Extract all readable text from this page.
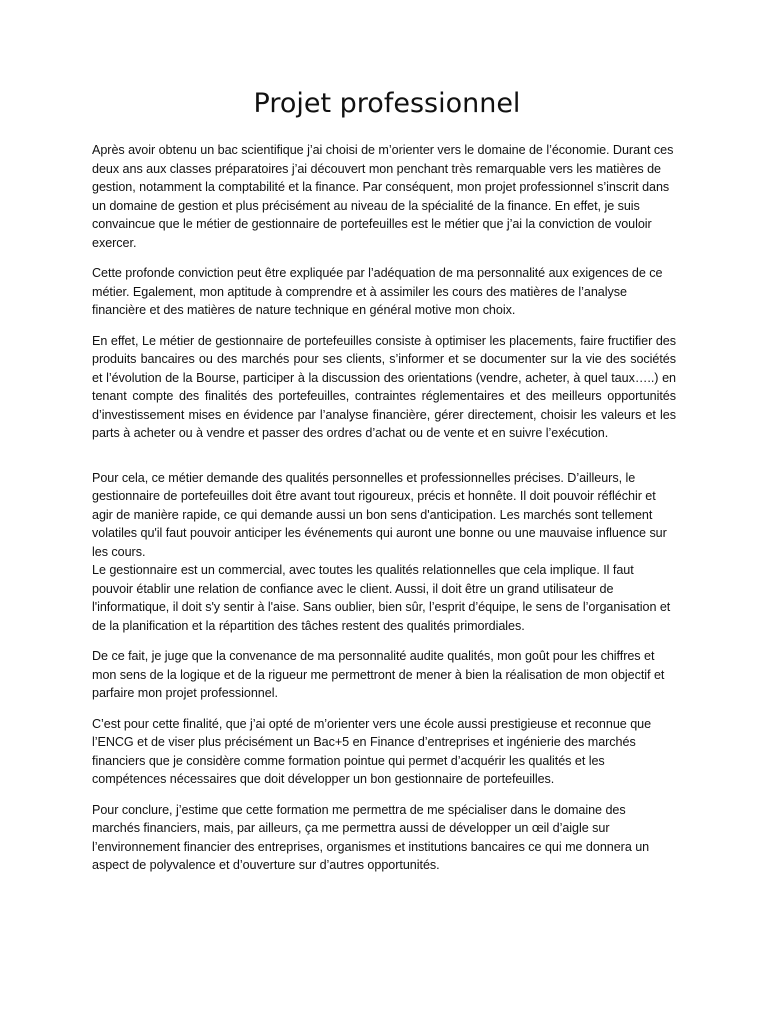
Projet professionnel

Après avoir obtenu un bac scientifique j’ai choisi de m’orienter vers le domaine de l’économie. Durant ces deux ans aux classes préparatoires j’ai découvert mon penchant très remarquable vers les matières de gestion, notamment la comptabilité et la finance. Par conséquent, mon projet professionnel s’inscrit dans un domaine de gestion et plus précisément au niveau de la spécialité de la finance. En effet, je suis convaincue que le métier de gestionnaire de portefeuilles est le métier que j’ai la conviction de vouloir exercer.

Cette profonde conviction peut être expliquée par l’adéquation de ma personnalité aux exigences de ce métier. Egalement, mon aptitude à comprendre et à assimiler les cours des matières de l’analyse financière et des matières de nature technique en général motive mon choix.

En effet, Le métier de gestionnaire de portefeuilles consiste à optimiser les placements, faire fructifier des produits bancaires ou des marchés pour ses clients, s’informer et se documenter sur la vie des sociétés et l’évolution de la Bourse, participer à la discussion des orientations (vendre, acheter, à quel taux…..) en tenant compte des finalités des portefeuilles, contraintes réglementaires et des meilleurs opportunités d’investissement mises en évidence par l’analyse financière, gérer directement, choisir les valeurs et les parts à acheter ou à vendre et passer des ordres d’achat ou de vente et en suivre l’exécution.

Pour cela, ce métier demande des qualités personnelles et professionnelles précises. D’ailleurs, le gestionnaire de portefeuilles doit être avant tout rigoureux, précis et honnête. Il doit pouvoir réfléchir et agir de manière rapide, ce qui demande aussi un bon sens d'anticipation. Les marchés sont tellement volatiles qu'il faut pouvoir anticiper les événements qui auront une bonne ou une mauvaise influence sur les cours.

Le gestionnaire est un commercial, avec toutes les qualités relationnelles que cela implique. Il faut pouvoir établir une relation de confiance avec le client. Aussi, il doit être un grand utilisateur de l'informatique, il doit s'y sentir à l'aise. Sans oublier, bien sûr, l’esprit d’équipe, le sens de l’organisation et de la planification et la répartition des tâches restent des qualités primordiales.

De ce fait, je juge que la convenance de ma personnalité audite qualités, mon goût pour les chiffres et mon sens de la logique et de la rigueur me permettront de mener à bien la réalisation de mon objectif et parfaire mon projet professionnel.

C’est pour cette finalité, que j’ai opté de m’orienter vers une école aussi prestigieuse et reconnue que l’ENCG et de viser plus précisément un Bac+5 en Finance d’entreprises et ingénierie des marchés financiers que je considère comme formation pointue qui permet d’acquérir les qualités et les compétences nécessaires que doit développer un bon gestionnaire de portefeuilles.

Pour conclure, j’estime que cette formation me permettra de me spécialiser dans le domaine des marchés financiers, mais, par ailleurs, ça me permettra aussi de développer un œil d’aigle sur l’environnement financier des entreprises, organismes et institutions bancaires ce qui me donnera un aspect de polyvalence et d’ouverture sur d’autres opportunités.
